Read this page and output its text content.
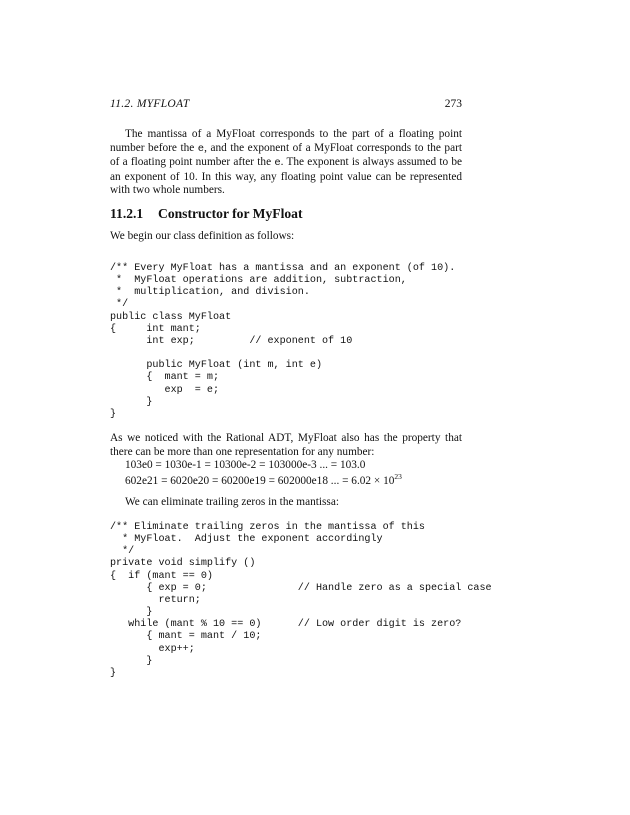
11.2. MYFLOAT	273

The mantissa of a MyFloat corresponds to the part of a floating point number before the e, and the exponent of a MyFloat corresponds to the part of a floating point number after the e. The exponent is always assumed to be an exponent of 10. In this way, any floating point value can be represented with two whole numbers.

11.2.1 Constructor for MyFloat

We begin our class definition as follows:

/** Every MyFloat has a mantissa and an exponent (of 10).
*  MyFloat operations are addition, subtraction,
*  multiplication, and division.
*/
public class MyFloat
{     int mant;
int exp;         // exponent of 10

public MyFloat (int m, int e)
{  mant = m;
exp  = e;
}
}

As we noticed with the Rational ADT, MyFloat also has the property that there can be more than one representation for any number:

103e0 = 1030e-1 = 10300e-2 = 103000e-3 ... = 103.0
602e21 = 6020e20 = 60200e19 = 602000e18 ... = $6.02 \times 10^{23}$

We can eliminate trailing zeros in the mantissa:

/** Eliminate trailing zeros in the mantissa of this
* MyFloat.  Adjust the exponent accordingly
*/
private void simplify ()
{  if (mant == 0)
{ exp = 0;               // Handle zero as a special case
return;
}
while (mant % 10 == 0)      // Low order digit is zero?
{ mant = mant / 10;
exp++;
}
}
